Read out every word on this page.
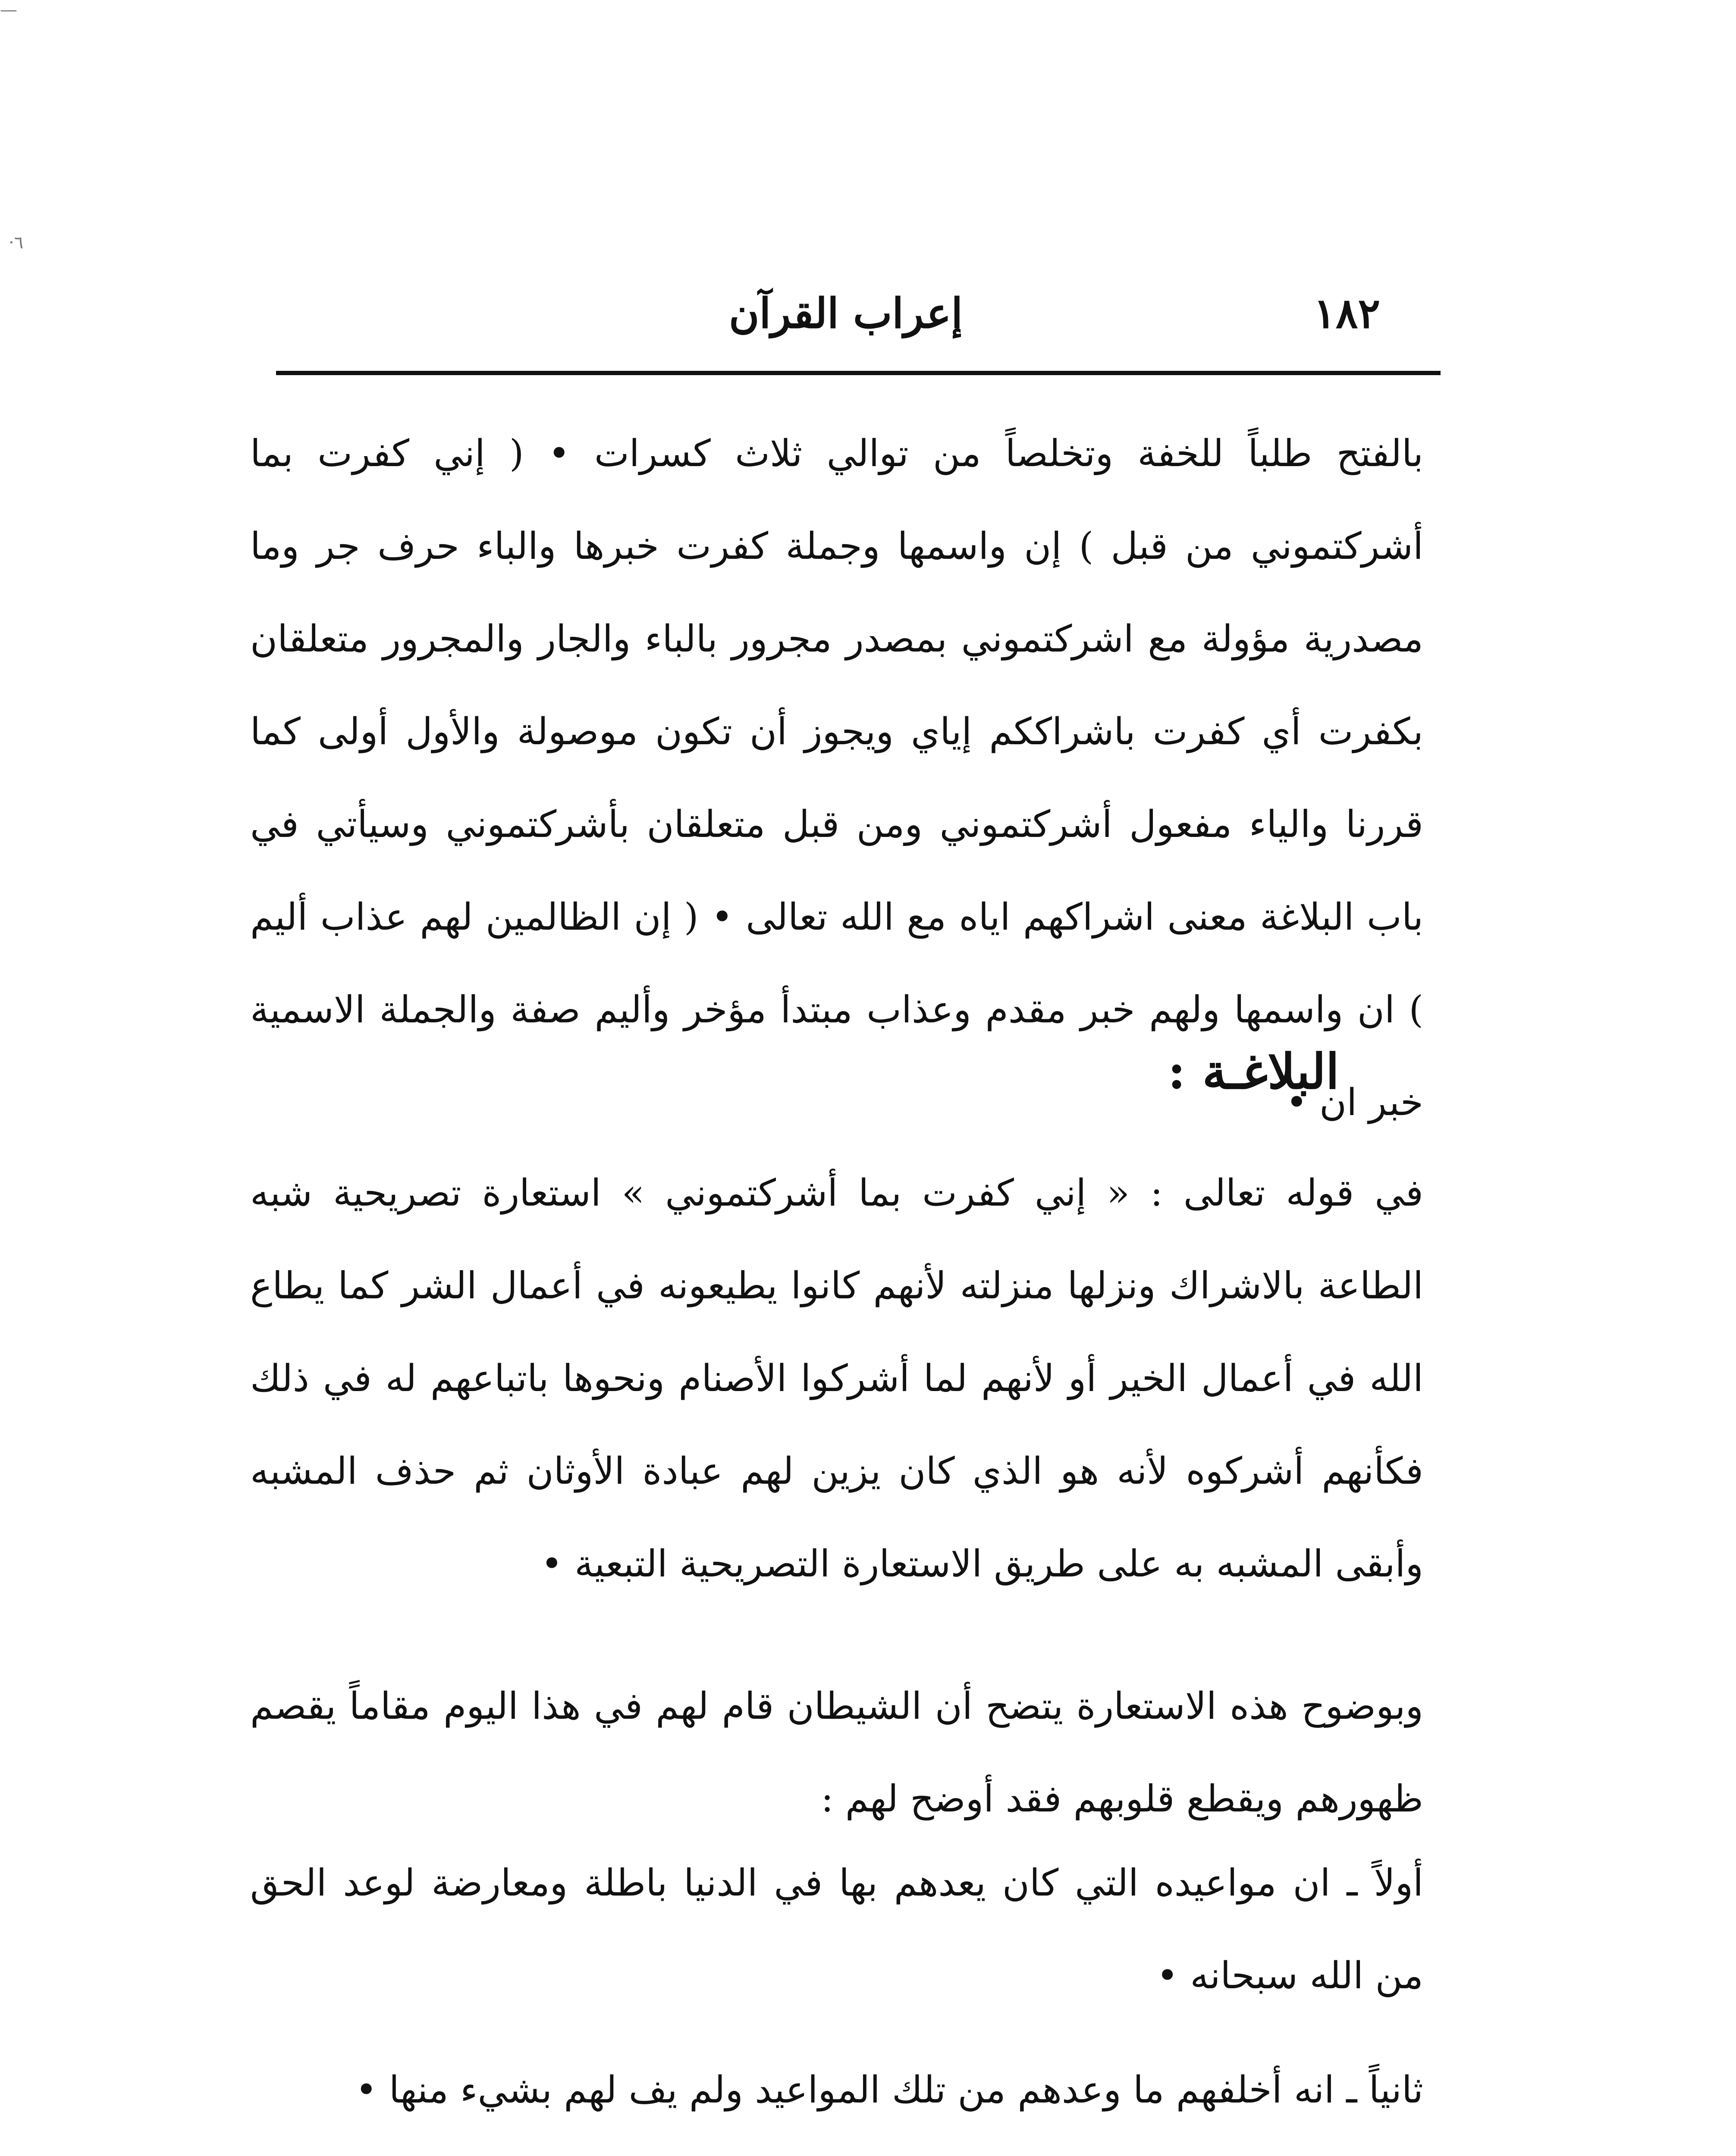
—
·٦
١٨٢
إعراب القرآن

بالفتح طلباً للخفة وتخلصاً من توالي ثلاث كسرات • ( إني كفرت بما أشركتموني من قبل ) إن واسمها وجملة كفرت خبرها والباء حرف جر وما مصدرية مؤولة مع اشركتموني بمصدر مجرور بالباء والجار والمجرور متعلقان بكفرت أي كفرت باشراككم إياي ويجوز أن تكون موصولة والأول أولى كما قررنا والياء مفعول أشركتموني ومن قبل متعلقان بأشركتموني وسيأتي في باب البلاغة معنى اشراكهم اياه مع الله تعالى • ( إن الظالمين لهم عذاب أليم ) ان واسمها ولهم خبر مقدم وعذاب مبتدأ مؤخر وأليم صفة والجملة الاسمية خبر ان •

البلاغـة :

في قوله تعالى : « إني كفرت بما أشركتموني » استعارة تصريحية شبه الطاعة بالاشراك ونزلها منزلته لأنهم كانوا يطيعونه في أعمال الشر كما يطاع الله في أعمال الخير أو لأنهم لما أشركوا الأصنام ونحوها باتباعهم له في ذلك فكأنهم أشركوه لأنه هو الذي كان يزين لهم عبادة الأوثان ثم حذف المشبه وأبقى المشبه به على طريق الاستعارة التصريحية التبعية •

وبوضوح هذه الاستعارة يتضح أن الشيطان قام لهم في هذا اليوم مقاماً يقصم ظهورهم ويقطع قلوبهم فقد أوضح لهم :

أولاً ـ ان مواعيده التي كان يعدهم بها في الدنيا باطلة ومعارضة لوعد الحق من الله سبحانه •

ثانياً ـ انه أخلفهم ما وعدهم من تلك المواعيد ولم يف لهم بشيء منها •
